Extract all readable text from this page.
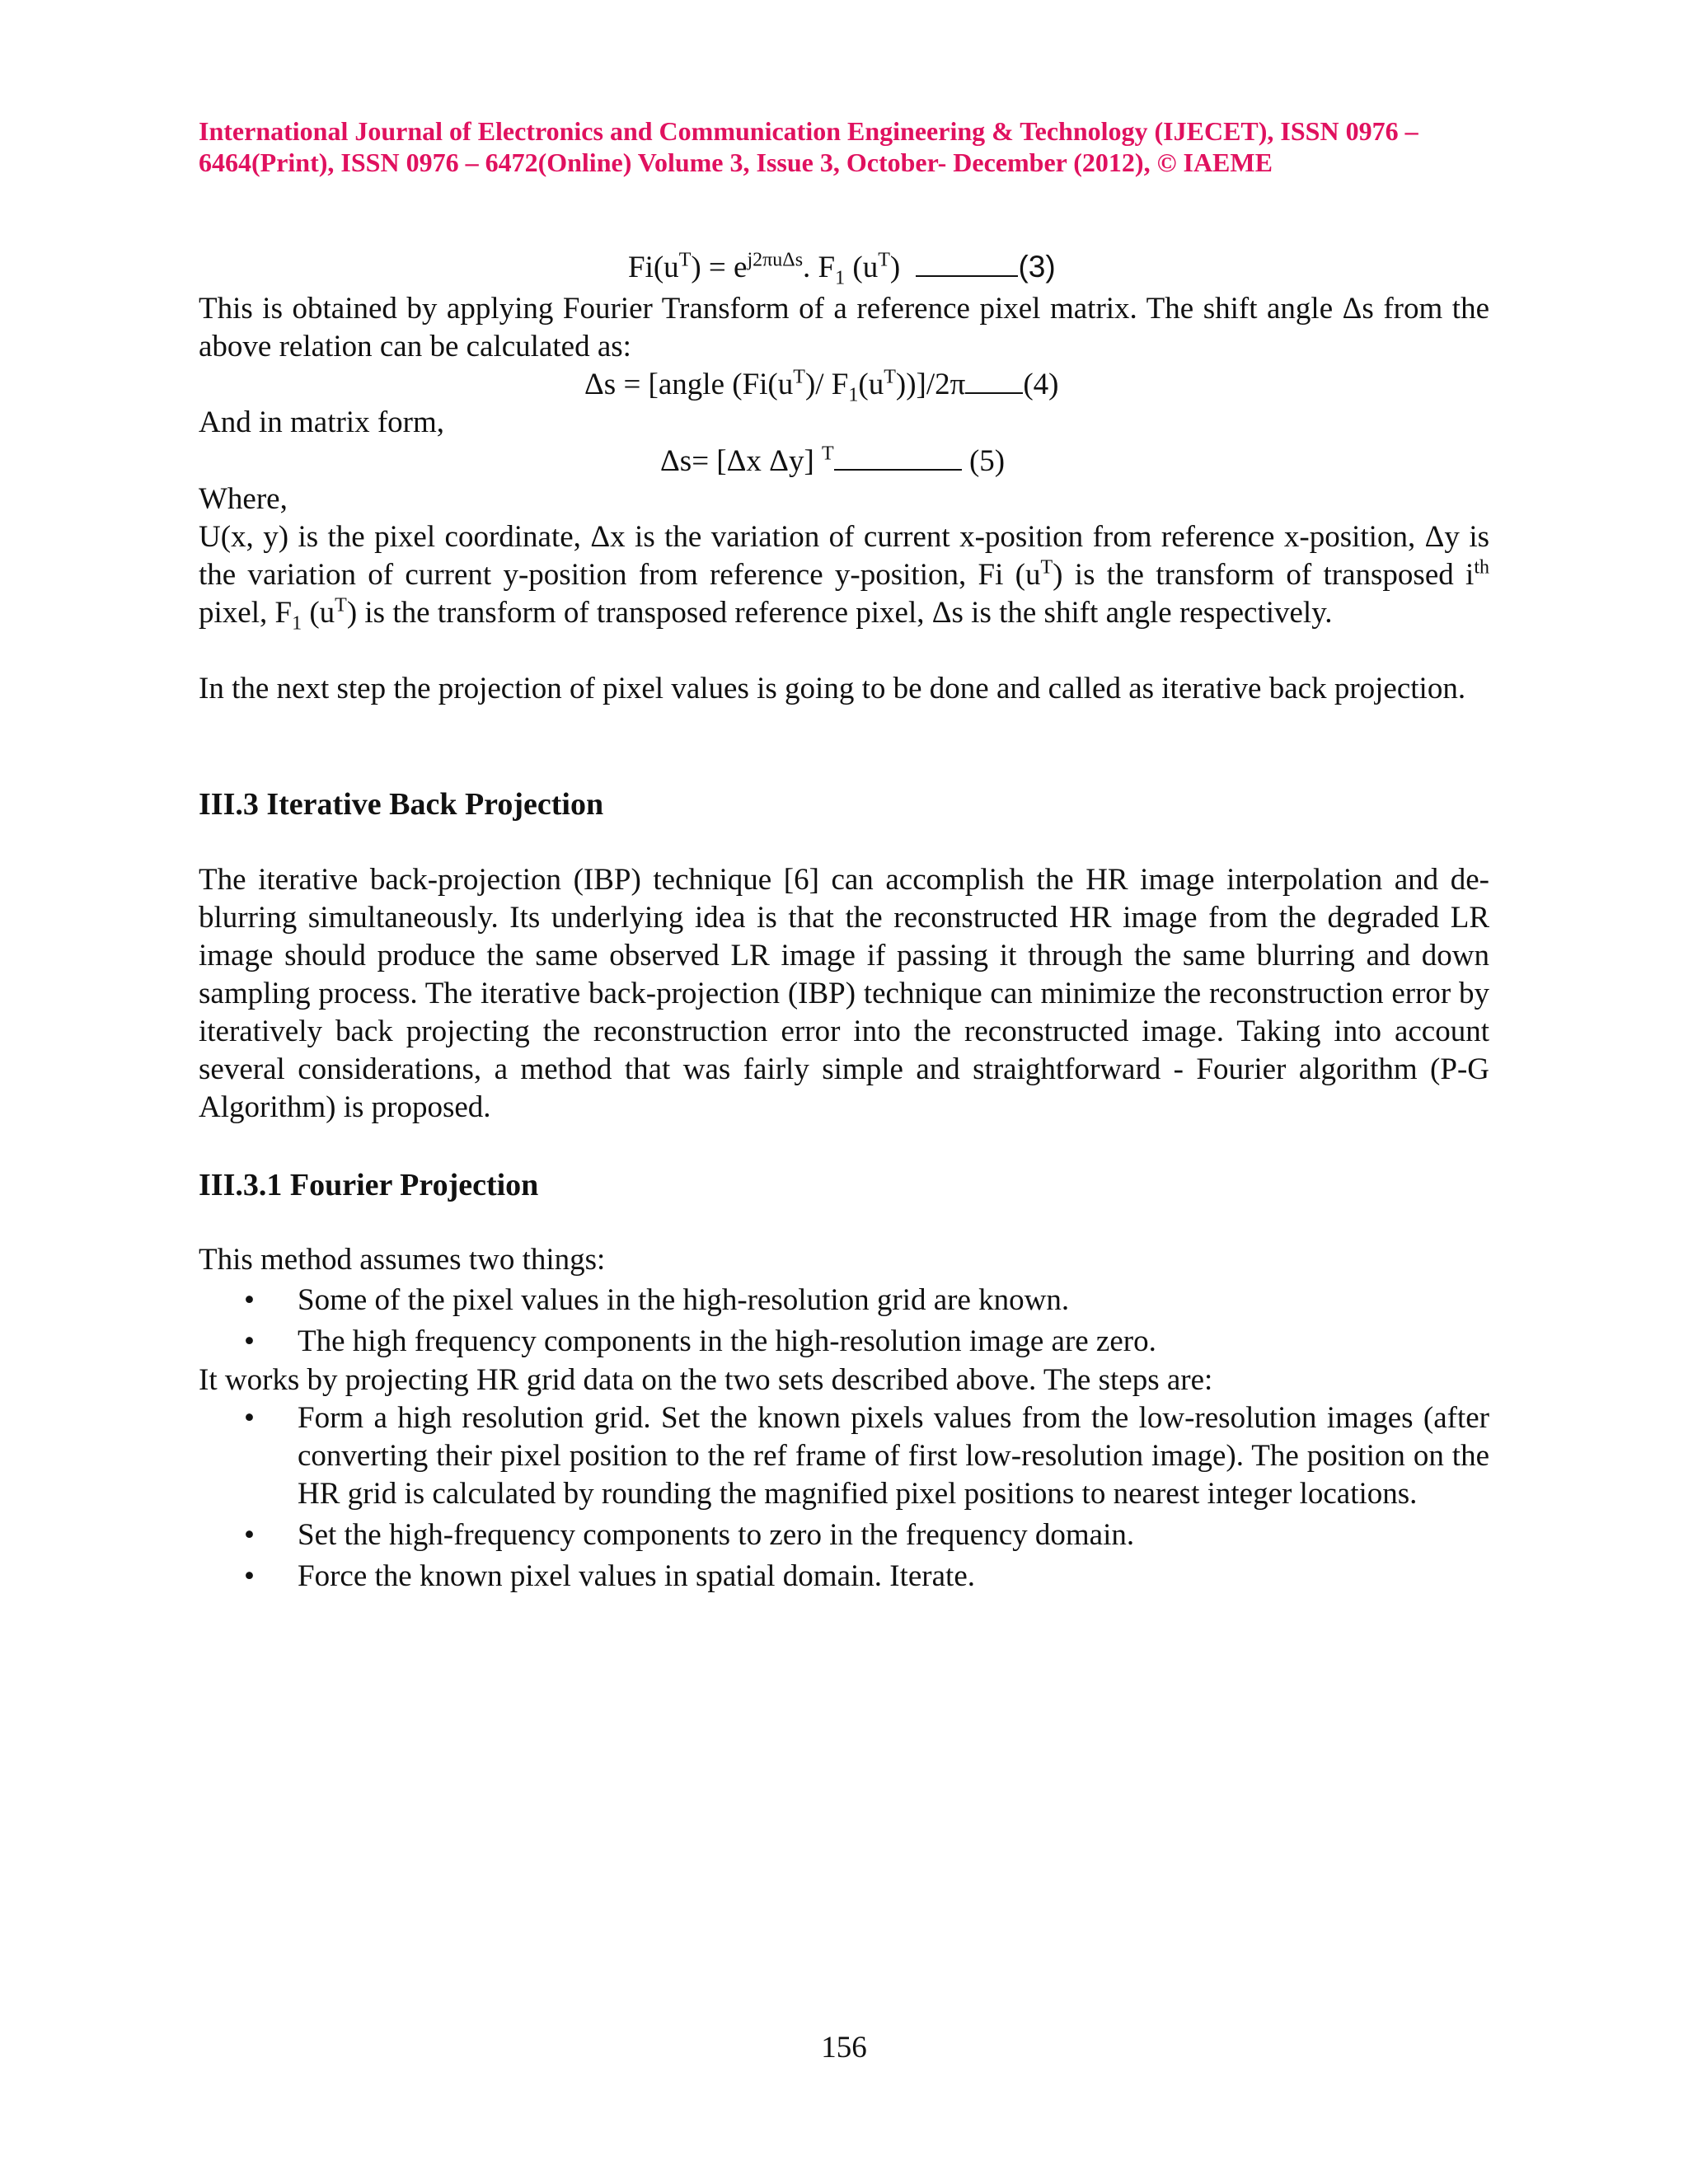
International Journal of Electronics and Communication Engineering & Technology (IJECET), ISSN 0976 –
6464(Print), ISSN 0976 – 6472(Online) Volume 3, Issue 3, October- December (2012), © IAEME
$Fi(u^T) = e^{j2\pi u\Delta s}$. $F_1$ $(u^T)$	(3)
This is obtained by applying Fourier Transform of a reference pixel matrix. The shift angle Δs from the above relation can be calculated as:
Δs = [angle ($Fi(u^T)/$ $F_1(u^T))]/2\pi$ (4)
And in matrix form,
Δs= [Δx Δy] $^T$	(5)
Where,
U(x, y) is the pixel coordinate, Δx is the variation of current x-position from reference x-position, Δy is the variation of current y-position from reference y-position, Fi $(u^T)$ is the transform of transposed $i^{th}$ pixel, $F_1$ $(u^T)$ is the transform of transposed reference pixel, Δs is the shift angle respectively.
In the next step the projection of pixel values is going to be done and called as iterative back projection.
III.3 Iterative Back Projection
The iterative back-projection (IBP) technique [6] can accomplish the HR image interpolation and de-blurring simultaneously. Its underlying idea is that the reconstructed HR image from the degraded LR image should produce the same observed LR image if passing it through the same blurring and down sampling process. The iterative back-projection (IBP) technique can minimize the reconstruction error by iteratively back projecting the reconstruction error into the reconstructed image. Taking into account several considerations, a method that was fairly simple and straightforward - Fourier algorithm (P-G Algorithm) is proposed.
III.3.1 Fourier Projection
This method assumes two things:
• Some of the pixel values in the high-resolution grid are known.
• The high frequency components in the high-resolution image are zero.
It works by projecting HR grid data on the two sets described above. The steps are:
• Form a high resolution grid. Set the known pixels values from the low-resolution images (after converting their pixel position to the ref frame of first low-resolution image). The position on the HR grid is calculated by rounding the magnified pixel positions to nearest integer locations.
• Set the high-frequency components to zero in the frequency domain.
• Force the known pixel values in spatial domain. Iterate.
156
